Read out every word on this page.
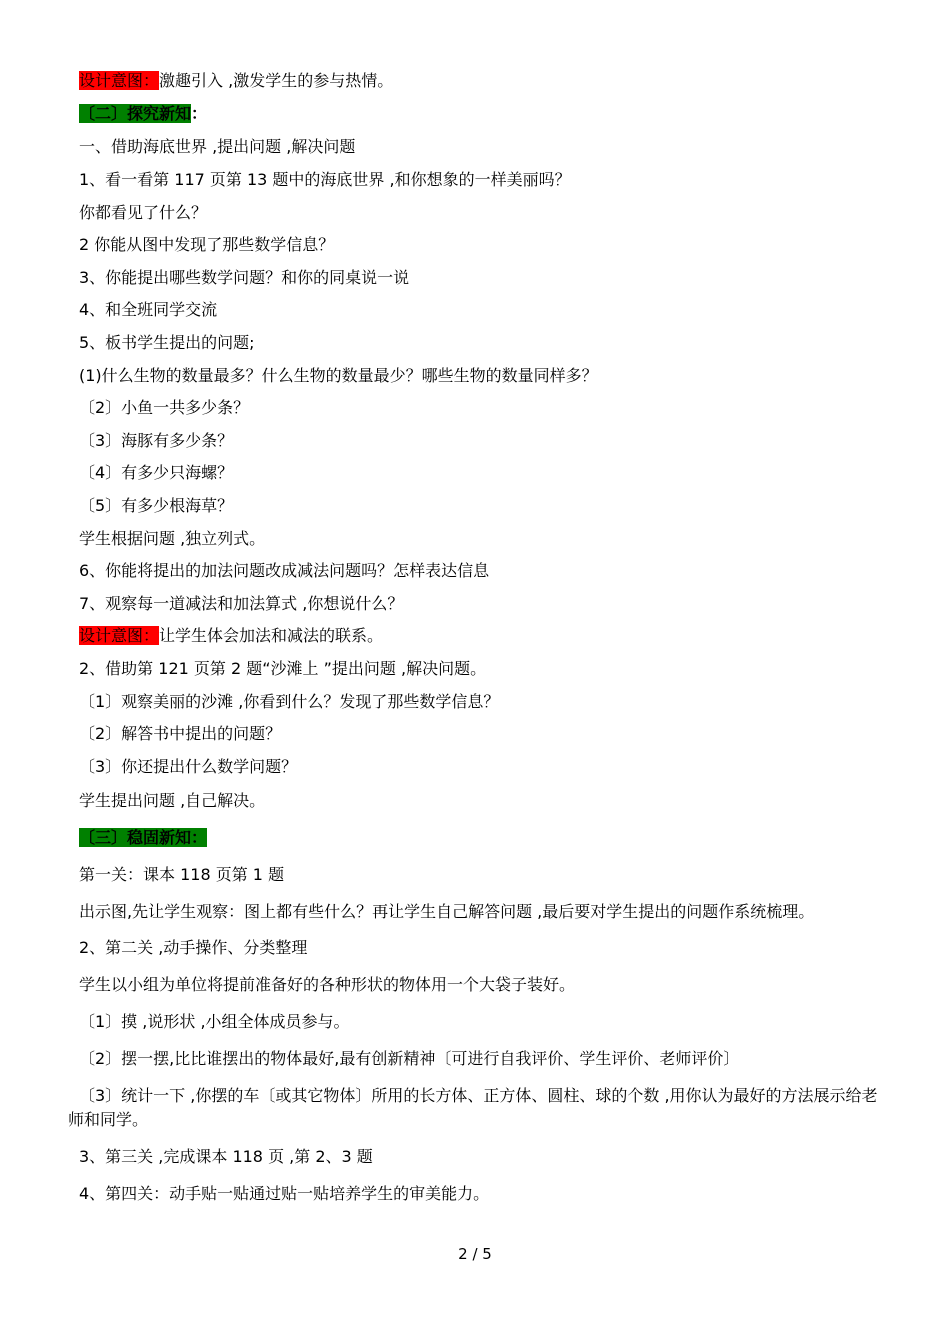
设计意图：激趣引入 ,激发学生的参与热情。
〔二〕探究新知：
一、借助海底世界 ,提出问题 ,解决问题
1、看一看第 117 页第 13 题中的海底世界 ,和你想象的一样美丽吗？
你都看见了什么？
2 你能从图中发现了那些数学信息？
3、你能提出哪些数学问题？和你的同桌说一说
4、和全班同学交流
5、板书学生提出的问题;
(1)什么生物的数量最多？什么生物的数量最少？哪些生物的数量同样多？
〔2〕小鱼一共多少条？
〔3〕海豚有多少条？
〔4〕有多少只海螺？
〔5〕有多少根海草？
学生根据问题 ,独立列式。
6、你能将提出的加法问题改成减法问题吗？怎样表达信息
7、观察每一道减法和加法算式 ,你想说什么？
设计意图：让学生体会加法和减法的联系。
2、借助第 121 页第 2 题“沙滩上 ”提出问题 ,解决问题。
〔1〕观察美丽的沙滩 ,你看到什么？发现了那些数学信息？
〔2〕解答书中提出的问题？
〔3〕你还提出什么数学问题？
学生提出问题 ,自己解决。
〔三〕稳固新知：
第一关：课本 118 页第 1 题
出示图,先让学生观察：图上都有些什么？再让学生自己解答问题 ,最后要对学生提出的问题作系统梳理。
2、第二关 ,动手操作、分类整理
学生以小组为单位将提前准备好的各种形状的物体用一个大袋子装好。
〔1〕摸 ,说形状 ,小组全体成员参与。
〔2〕摆一摆,比比谁摆出的物体最好,最有创新精神〔可进行自我评价、学生评价、老师评价〕
〔3〕统计一下 ,你摆的车〔或其它物体〕所用的长方体、正方体、圆柱、球的个数 ,用你认为最好的方法展示给老师和同学。
3、第三关 ,完成课本 118 页 ,第 2、3 题
4、第四关：动手贴一贴通过贴一贴培养学生的审美能力。
2 / 5
